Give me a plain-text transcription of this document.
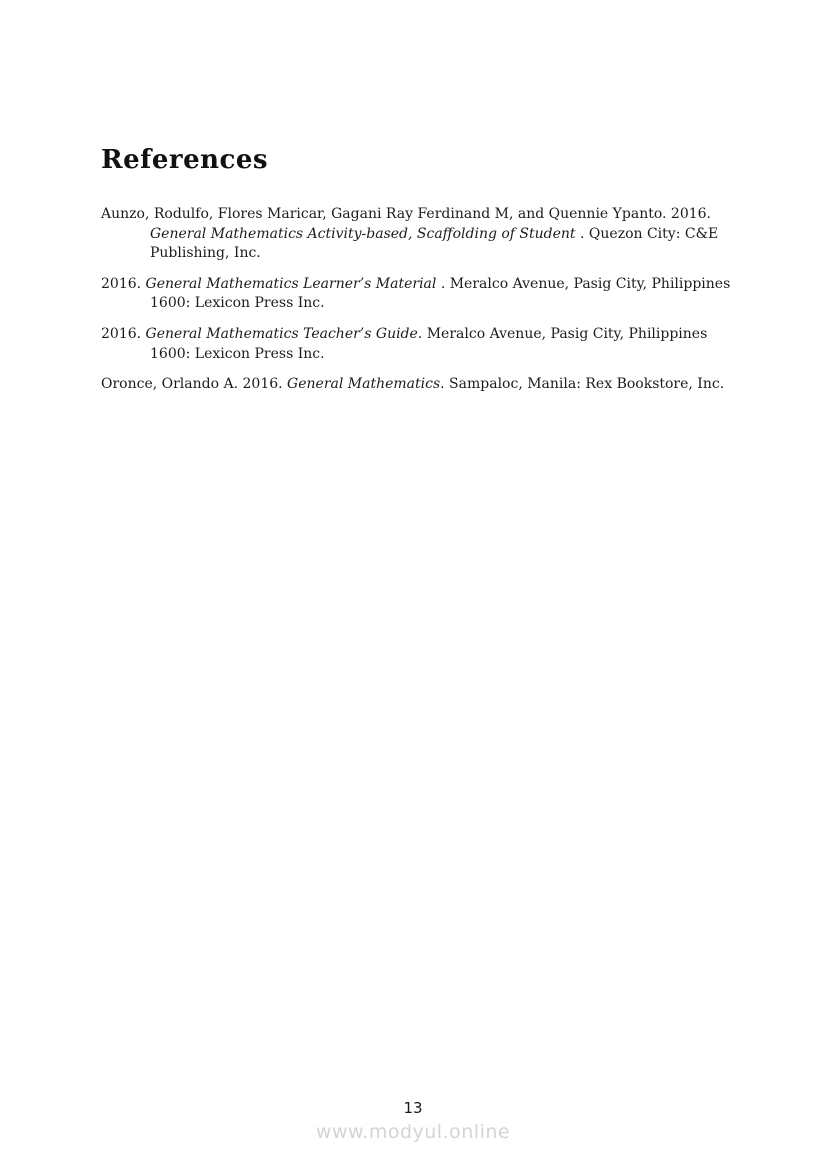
References

Aunzo, Rodulfo, Flores Maricar, Gagani Ray Ferdinand M, and Quennie Ypanto. 2016. General Mathematics Activity-based, Scaffolding of Student . Quezon City: C&E Publishing, Inc.

2016. General Mathematics Learner’s Material . Meralco Avenue, Pasig City, Philippines 1600: Lexicon Press Inc.

2016. General Mathematics Teacher’s Guide. Meralco Avenue, Pasig City, Philippines 1600: Lexicon Press Inc.

Oronce, Orlando A. 2016. General Mathematics. Sampaloc, Manila: Rex Bookstore, Inc.

13
www.modyul.online
